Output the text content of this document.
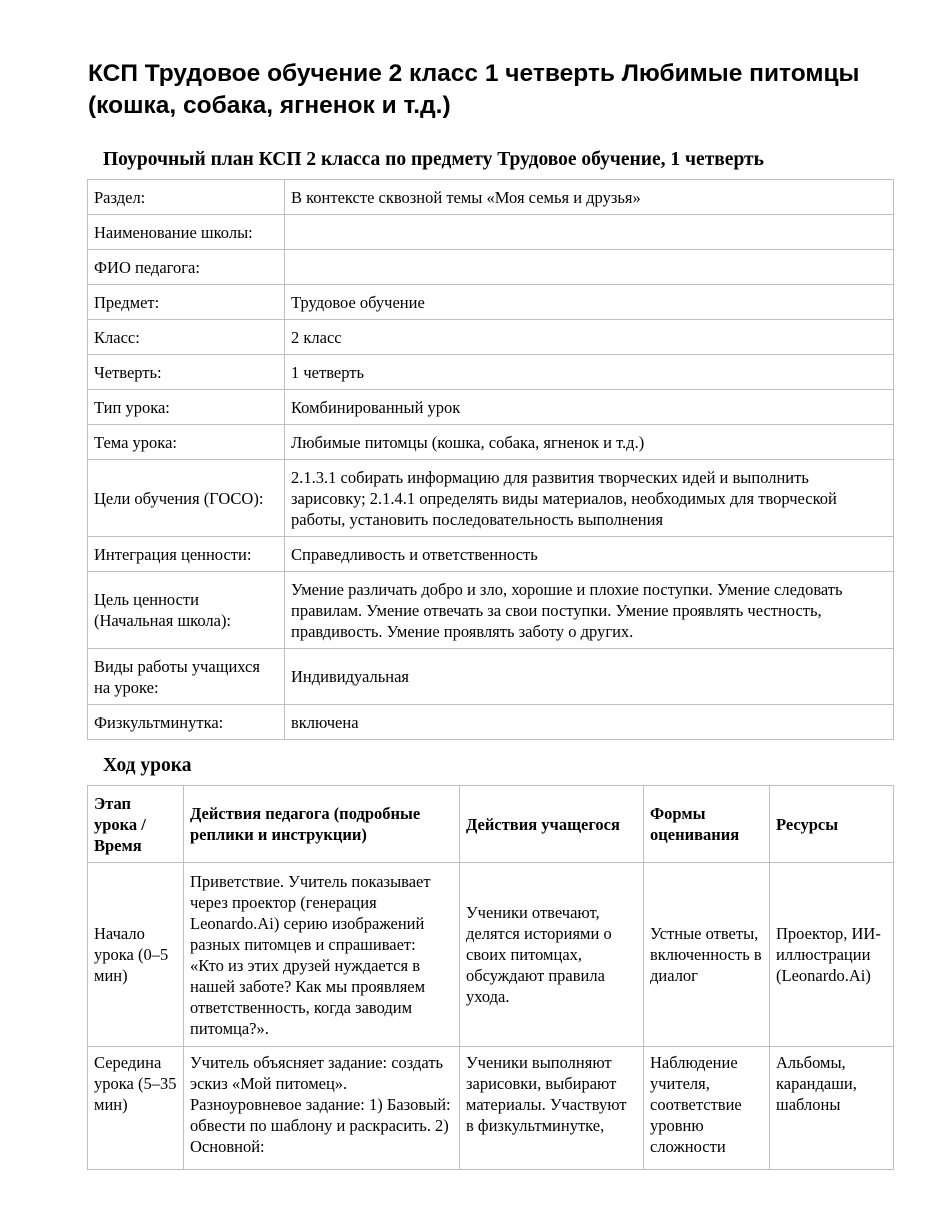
КСП Трудовое обучение 2 класс 1 четверть Любимые питомцы (кошка, собака, ягненок и т.д.)
Поурочный план КСП 2 класса по предмету Трудовое обучение, 1 четверть
Раздел:	В контексте сквозной темы «Моя семья и друзья»
Наименование школы:	
ФИО педагога:	
Предмет:	Трудовое обучение
Класс:	2 класс
Четверть:	1 четверть
Тип урока:	Комбинированный урок
Тема урока:	Любимые питомцы (кошка, собака, ягненок и т.д.)
Цели обучения (ГОСО):	2.1.3.1 собирать информацию для развития творческих идей и выполнить зарисовку; 2.1.4.1 определять виды материалов, необходимых для творческой работы, установить последовательность выполнения
Интеграция ценности:	Справедливость и ответственность
Цель ценности (Начальная школа):	Умение различать добро и зло, хорошие и плохие поступки. Умение следовать правилам. Умение отвечать за свои поступки. Умение проявлять честность, правдивость. Умение проявлять заботу о других.
Виды работы учащихся на уроке:	Индивидуальная
Физкультминутка:	включена
Ход урока
Этап урока / Время	Действия педагога (подробные реплики и инструкции)	Действия учащегося	Формы оценивания	Ресурсы
Начало урока (0–5 мин)	Приветствие. Учитель показывает через проектор (генерация Leonardo.Ai) серию изображений разных питомцев и спрашивает: «Кто из этих друзей нуждается в нашей заботе? Как мы проявляем ответственность, когда заводим питомца?».	Ученики отвечают, делятся историями о своих питомцах, обсуждают правила ухода.	Устные ответы, включенность в диалог	Проектор, ИИ-иллюстрации (Leonardo.Ai)
Середина урока (5–35 мин)	Учитель объясняет задание: создать эскиз «Мой питомец». Разноуровневое задание: 1) Базовый: обвести по шаблону и раскрасить. 2) Основной:	Ученики выполняют зарисовки, выбирают материалы. Участвуют в физкультминутке,	Наблюдение учителя, соответствие уровню сложности	Альбомы, карандаши, шаблоны
